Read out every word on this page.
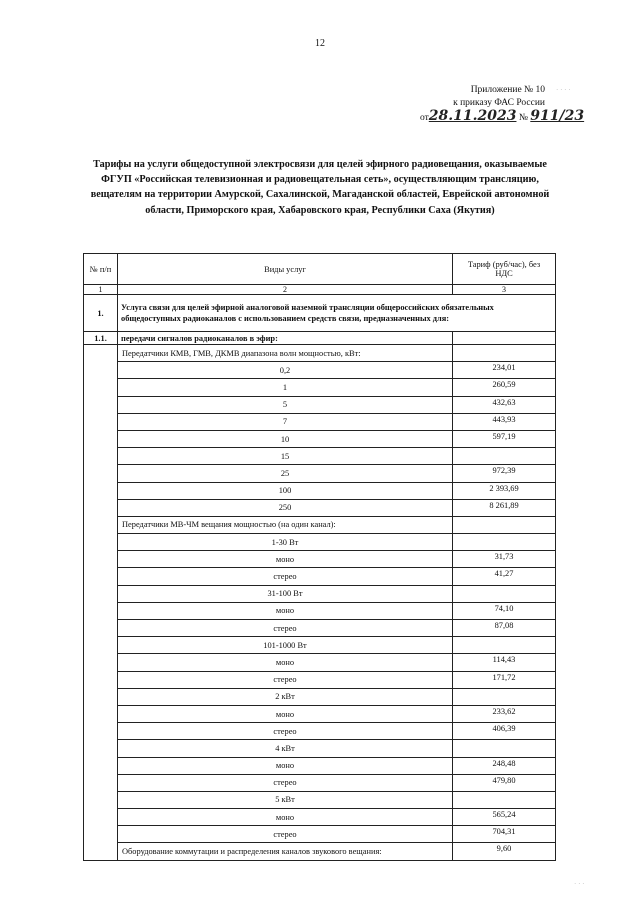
12
Приложение № 10
к приказу ФАС России
от28.11.2023 № 911/23
Тарифы на услуги общедоступной электросвязи для целей эфирного радиовещания, оказываемые ФГУП «Российская телевизионная и радиовещательная сеть», осуществляющим трансляцию, вещателям на территории Амурской, Сахалинской, Магаданской областей, Еврейской автономной области, Приморского края, Хабаровского края, Республики Саха (Якутия)
№ п/п	Виды услуг	Тариф (руб/час), без НДС
1	2	3
1.	Услуга связи для целей эфирной аналоговой наземной трансляции общероссийских обязательных общедоступных радиоканалов с использованием средств связи, предназначенных для:	
1.1.	передачи сигналов радиоканалов в эфир:	
	Передатчики КМВ, ГМВ, ДКМВ диапазона волн мощностью, кВт:	
	0,2	234,01
	1	260,59
	5	432,63
	7	443,93
	10	597,19
	15	
	25	972,39
	100	2 393,69
	250	8 261,89
	Передатчики МВ-ЧМ вещания мощностью (на один канал):	
	1-30 Вт	
	моно	31,73
	стерео	41,27
	31-100 Вт	
	моно	74,10
	стерео	87,08
	101-1000 Вт	
	моно	114,43
	стерео	171,72
	2 кВт	
	моно	233,62
	стерео	406,39
	4 кВт	
	моно	248,48
	стерео	479,80
	5 кВт	
	моно	565,24
	стерео	704,31
	Оборудование коммутации и распределения каналов звукового вещания:	9,60
· · · ·
· · ·
